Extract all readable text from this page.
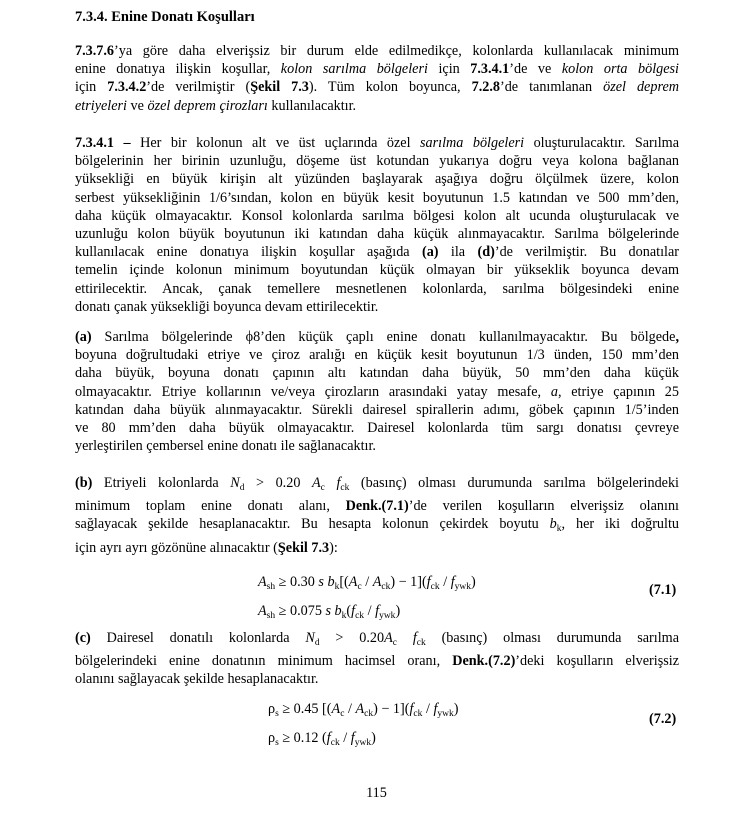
7.3.4. Enine Donatı Koşulları
7.3.7.6’ya göre daha elverişsiz bir durum elde edilmedikçe, kolonlarda kullanılacak minimum
enine donatıya ilişkin koşullar, kolon sarılma bölgeleri için 7.3.4.1’de ve kolon orta bölgesi
için 7.3.4.2’de verilmiştir (Şekil 7.3). Tüm kolon boyunca, 7.2.8’de tanımlanan özel deprem
etriyeleri ve özel deprem çirozları kullanılacaktır.
7.3.4.1 – Her bir kolonun alt ve üst uçlarında özel sarılma bölgeleri oluşturulacaktır. Sarılma
bölgelerinin her birinin uzunluğu, döşeme üst kotundan yukarıya doğru veya kolona bağlanan
yüksekliği en büyük kirişin alt yüzünden başlayarak aşağıya doğru ölçülmek üzere, kolon
serbest yüksekliğinin 1/6’sından, kolon en büyük kesit boyutunun 1.5 katından ve 500 mm’den,
daha küçük olmayacaktır. Konsol kolonlarda sarılma bölgesi kolon alt ucunda oluşturulacak ve
uzunluğu kolon büyük boyutunun iki katından daha küçük alınmayacaktır. Sarılma bölgelerinde
kullanılacak enine donatıya ilişkin koşullar aşağıda (a) ila (d)’de verilmiştir. Bu donatılar
temelin içinde kolonun minimum boyutundan küçük olmayan bir yükseklik boyunca devam
ettirilecektir. Ancak, çanak temellere mesnetlenen kolonlarda, sarılma bölgesindeki enine
donatı çanak yüksekliği boyunca devam ettirilecektir.
(a) Sarılma bölgelerinde ϕ8’den küçük çaplı enine donatı kullanılmayacaktır. Bu bölgede,
boyuna doğrultudaki etriye ve çiroz aralığı en küçük kesit boyutunun 1/3 ünden, 150 mm’den
daha büyük, boyuna donatı çapının altı katından daha büyük, 50 mm’den daha küçük
olmayacaktır. Etriye kollarının ve/veya çirozların arasındaki yatay mesafe, a, etriye çapının 25
katından daha büyük alınmayacaktır. Sürekli dairesel spirallerin adımı, göbek çapının 1/5’inden
ve 80 mm’den daha büyük olmayacaktır. Dairesel kolonlarda tüm sargı donatısı çevreye
yerleştirilen çembersel enine donatı ile sağlanacaktır.
(b) Etriyeli kolonlarda $N_d > 0.20$ $A_c$ $f_{ck}$ (basınç) olması durumunda sarılma bölgelerindeki
minimum toplam enine donatı alanı, Denk.(7.1)’de verilen koşulların elverişsiz olanını
sağlayacak şekilde hesaplanacaktır. Bu hesapta kolonun çekirdek boyutu $b_k$, her iki doğrultu
için ayrı ayrı gözönüne alınacaktır (Şekil 7.3):
$A_{sh} \ge 0.30$ s $b_k[(A_c / A_{ck}) - 1](f_{ck} / f_{ywk})$
$A_{sh} \ge 0.075$ s $b_k(f_{ck} / f_{ywk})$
(7.1)
(c) Dairesel donatılı kolonlarda $N_d > 0.20A_c$ $f_{ck}$ (basınç) olması durumunda sarılma
bölgelerindeki enine donatının minimum hacimsel oranı, Denk.(7.2)’deki koşulların elverişsiz
olanını sağlayacak şekilde hesaplanacaktır.
$\rho_s \ge 0.45$ $[(A_c / A_{ck}) - 1](f_{ck} / f_{ywk})$
$\rho_s \ge 0.12$ $(f_{ck} / f_{ywk})$
(7.2)
115
